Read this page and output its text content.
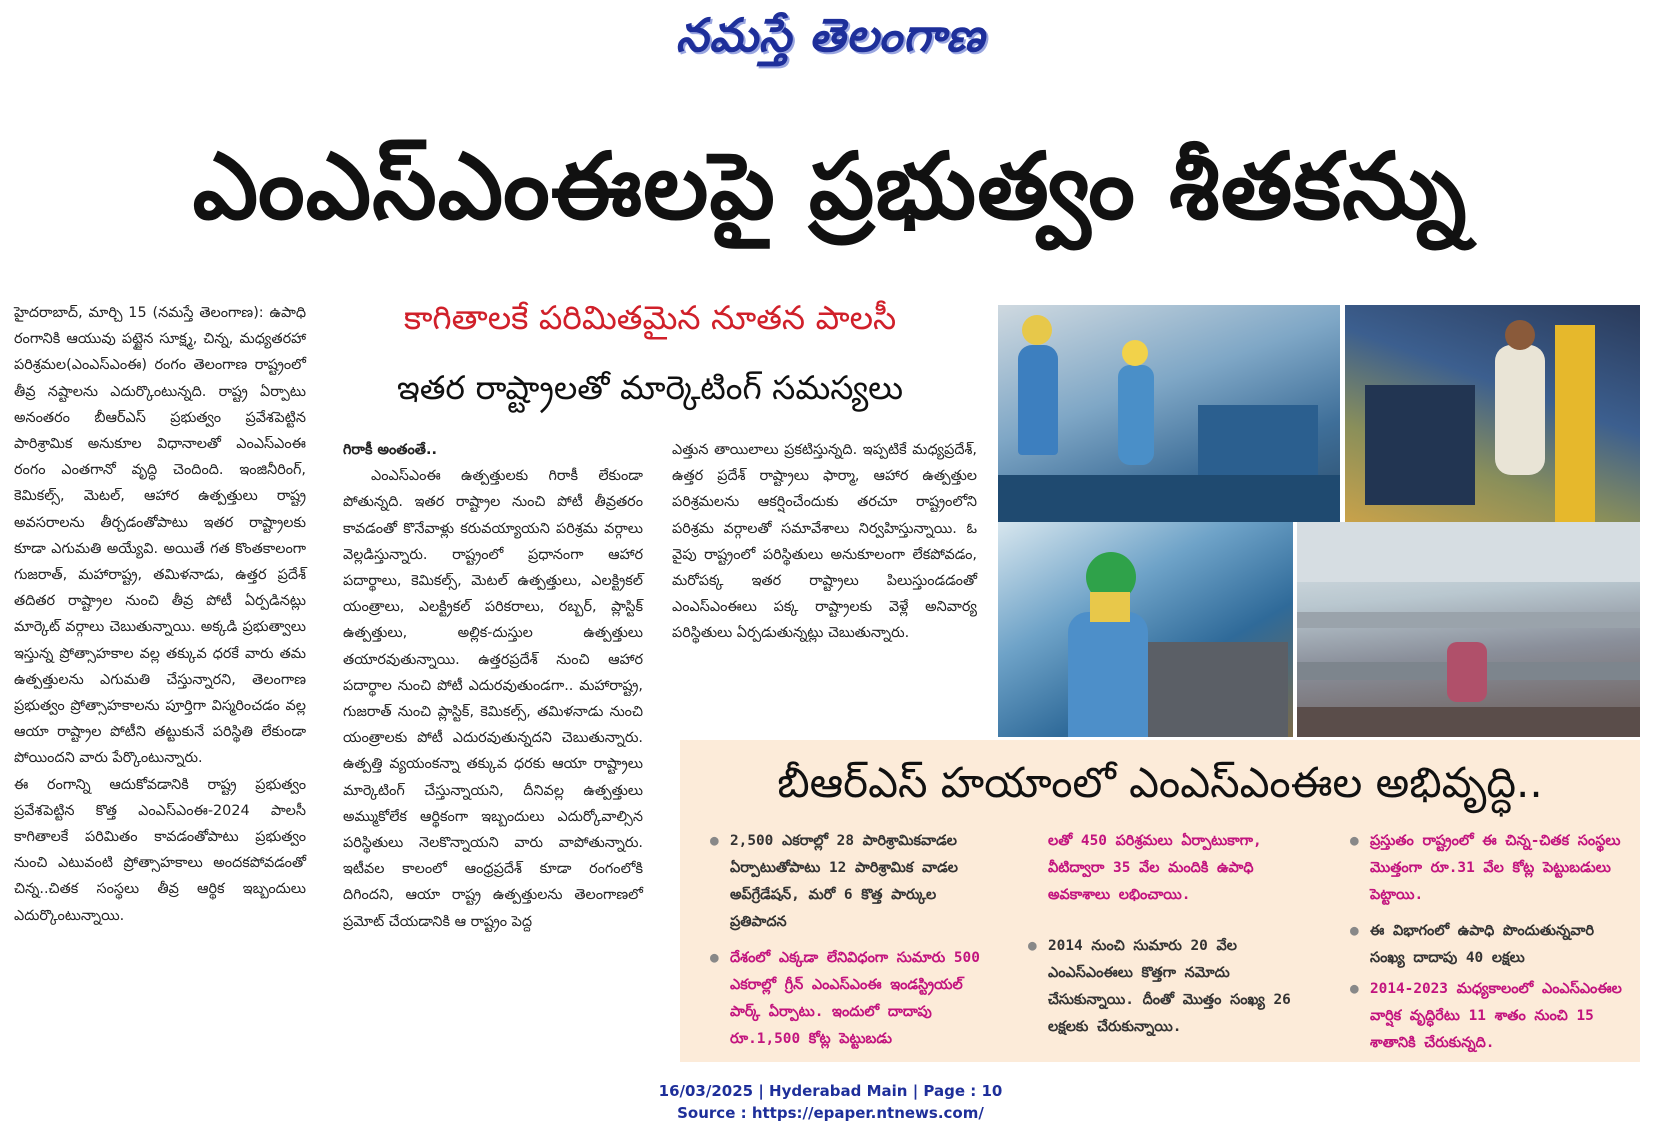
నమస్తే తెలంగాణ
ఎంఎస్ఎంఈలపై ప్రభుత్వం శీతకన్ను

హైదరాబాద్, మార్చి 15 (నమస్తే తెలంగాణ): ఉపాధి రంగానికి ఆయువు పట్టైన సూక్ష్మ, చిన్న, మధ్యతరహా పరిశ్రమల(ఎంఎస్ఎంఈ) రంగం తెలంగాణ రాష్ట్రంలో తీవ్ర నష్టాలను ఎదుర్కొంటున్నది. రాష్ట్ర ఏర్పాటు అనంతరం బీఆర్ఎస్ ప్రభుత్వం ప్రవేశపెట్టిన పారిశ్రామిక అనుకూల విధానాలతో ఎంఎస్ఎంఈ రంగం ఎంతగానో వృద్ధి చెందింది. ఇంజినీరింగ్, కెమికల్స్, మెటల్, ఆహార ఉత్పత్తులు రాష్ట్ర అవసరాలను తీర్చడంతోపాటు ఇతర రాష్ట్రాలకు కూడా ఎగుమతి అయ్యేవి. అయితే గత కొంతకాలంగా గుజరాత్, మహారాష్ట్ర, తమిళనాడు, ఉత్తర ప్రదేశ్ తదితర రాష్ట్రాల నుంచి తీవ్ర పోటీ ఏర్పడినట్లు మార్కెట్ వర్గాలు చెబుతున్నాయి. అక్కడి ప్రభుత్వాలు ఇస్తున్న ప్రోత్సాహకాల వల్ల తక్కువ ధరకే వారు తమ ఉత్పత్తులను ఎగుమతి చేస్తున్నారని, తెలంగాణ ప్రభుత్వం ప్రోత్సాహకాలను పూర్తిగా విస్మరించడం వల్ల ఆయా రాష్ట్రాల పోటీని తట్టుకునే పరిస్థితి లేకుండా పోయిందని వారు పేర్కొంటున్నారు.

ఈ రంగాన్ని ఆదుకోవడానికి రాష్ట్ర ప్రభుత్వం ప్రవేశపెట్టిన కొత్త ఎంఎస్ఎంఈ-2024 పాలసీ కాగితాలకే పరిమితం కావడంతోపాటు ప్రభుత్వం నుంచి ఎటువంటి ప్రోత్సాహకాలు అందకపోవడంతో చిన్న..చితక సంస్థలు తీవ్ర ఆర్థిక ఇబ్బందులు ఎదుర్కొంటున్నాయి.

కాగితాలకే పరిమితమైన నూతన పాలసీ
ఇతర రాష్ట్రాలతో మార్కెటింగ్ సమస్యలు

గిరాకీ అంతంతే..

ఎంఎస్ఎంఈ ఉత్పత్తులకు గిరాకీ లేకుండా పోతున్నది. ఇతర రాష్ట్రాల నుంచి పోటీ తీవ్రతరం కావడంతో కొనేవాళ్లు కరువయ్యాయని పరిశ్రమ వర్గాలు వెల్లడిస్తున్నారు. రాష్ట్రంలో ప్రధానంగా ఆహార పదార్థాలు, కెమికల్స్, మెటల్ ఉత్పత్తులు, ఎలక్ట్రికల్ యంత్రాలు, ఎలక్ట్రికల్ పరికరాలు, రబ్బర్, ప్లాస్టిక్ ఉత్పత్తులు, అల్లిక-దుస్తుల ఉత్పత్తులు తయారవుతున్నాయి. ఉత్తరప్రదేశ్ నుంచి ఆహార పదార్థాల నుంచి పోటీ ఎదురవుతుండగా.. మహారాష్ట్ర, గుజరాత్ నుంచి ప్లాస్టిక్, కెమికల్స్, తమిళనాడు నుంచి యంత్రాలకు పోటీ ఎదురవుతున్నదని చెబుతున్నారు. ఉత్పత్తి వ్యయంకన్నా తక్కువ ధరకు ఆయా రాష్ట్రాలు మార్కెటింగ్ చేస్తున్నాయని, దీనివల్ల ఉత్పత్తులు అమ్ముకోలేక ఆర్థికంగా ఇబ్బందులు ఎదుర్కోవాల్సిన పరిస్థితులు నెలకొన్నాయని వారు వాపోతున్నారు. ఇటీవల కాలంలో ఆంధ్రప్రదేశ్ కూడా రంగంలోకి దిగిందని, ఆయా రాష్ట్ర ఉత్పత్తులను తెలంగాణలో ప్రమోట్ చేయడానికి ఆ రాష్ట్రం పెద్ద

ఎత్తున తాయిలాలు ప్రకటిస్తున్నది. ఇప్పటికే మధ్యప్రదేశ్, ఉత్తర ప్రదేశ్ రాష్ట్రాలు ఫార్మా, ఆహార ఉత్పత్తుల పరిశ్రమలను ఆకర్షించేందుకు తరచూ రాష్ట్రంలోని పరిశ్రమ వర్గాలతో సమావేశాలు నిర్వహిస్తున్నాయి. ఓ వైపు రాష్ట్రంలో పరిస్థితులు అనుకూలంగా లేకపోవడం, మరోపక్క ఇతర రాష్ట్రాలు పిలుస్తుండడంతో ఎంఎస్ఎంఈలు పక్క రాష్ట్రాలకు వెళ్లే అనివార్య పరిస్థితులు ఏర్పడుతున్నట్లు చెబుతున్నారు.

బీఆర్ఎస్ హయాంలో ఎంఎస్ఎంఈల అభివృద్ధి..
● 2,500 ఎకరాల్లో 28 పారిశ్రామికవాడల ఏర్పాటుతోపాటు 12 పారిశ్రామిక వాడల అప్‌గ్రేడేషన్, మరో 6 కొత్త పార్కుల ప్రతిపాదన
● దేశంలో ఎక్కడా లేనివిధంగా సుమారు 500 ఎకరాల్లో గ్రీన్ ఎంఎస్ఎంఈ ఇండస్ట్రియల్ పార్క్ ఏర్పాటు. ఇందులో దాదాపు రూ.1,500 కోట్ల పెట్టుబడు
లతో 450 పరిశ్రమలు ఏర్పాటుకాగా, వీటిద్వారా 35 వేల మందికి ఉపాధి అవకాశాలు లభించాయి.
● 2014 నుంచి సుమారు 20 వేల ఎంఎస్ఎంఈలు కొత్తగా నమోదు చేసుకున్నాయి. దీంతో మొత్తం సంఖ్య 26 లక్షలకు చేరుకున్నాయి.
● ప్రస్తుతం రాష్ట్రంలో ఈ చిన్న-చితక సంస్థలు మొత్తంగా రూ.31 వేల కోట్ల పెట్టుబడులు పెట్టాయి.
● ఈ విభాగంలో ఉపాధి పొందుతున్నవారి సంఖ్య దాదాపు 40 లక్షలు
● 2014-2023 మధ్యకాలంలో ఎంఎస్ఎంఈల వార్షిక వృద్ధిరేటు 11 శాతం నుంచి 15 శాతానికి చేరుకున్నది.
16/03/2025 | Hyderabad Main | Page : 10
Source : https://epaper.ntnews.com/
